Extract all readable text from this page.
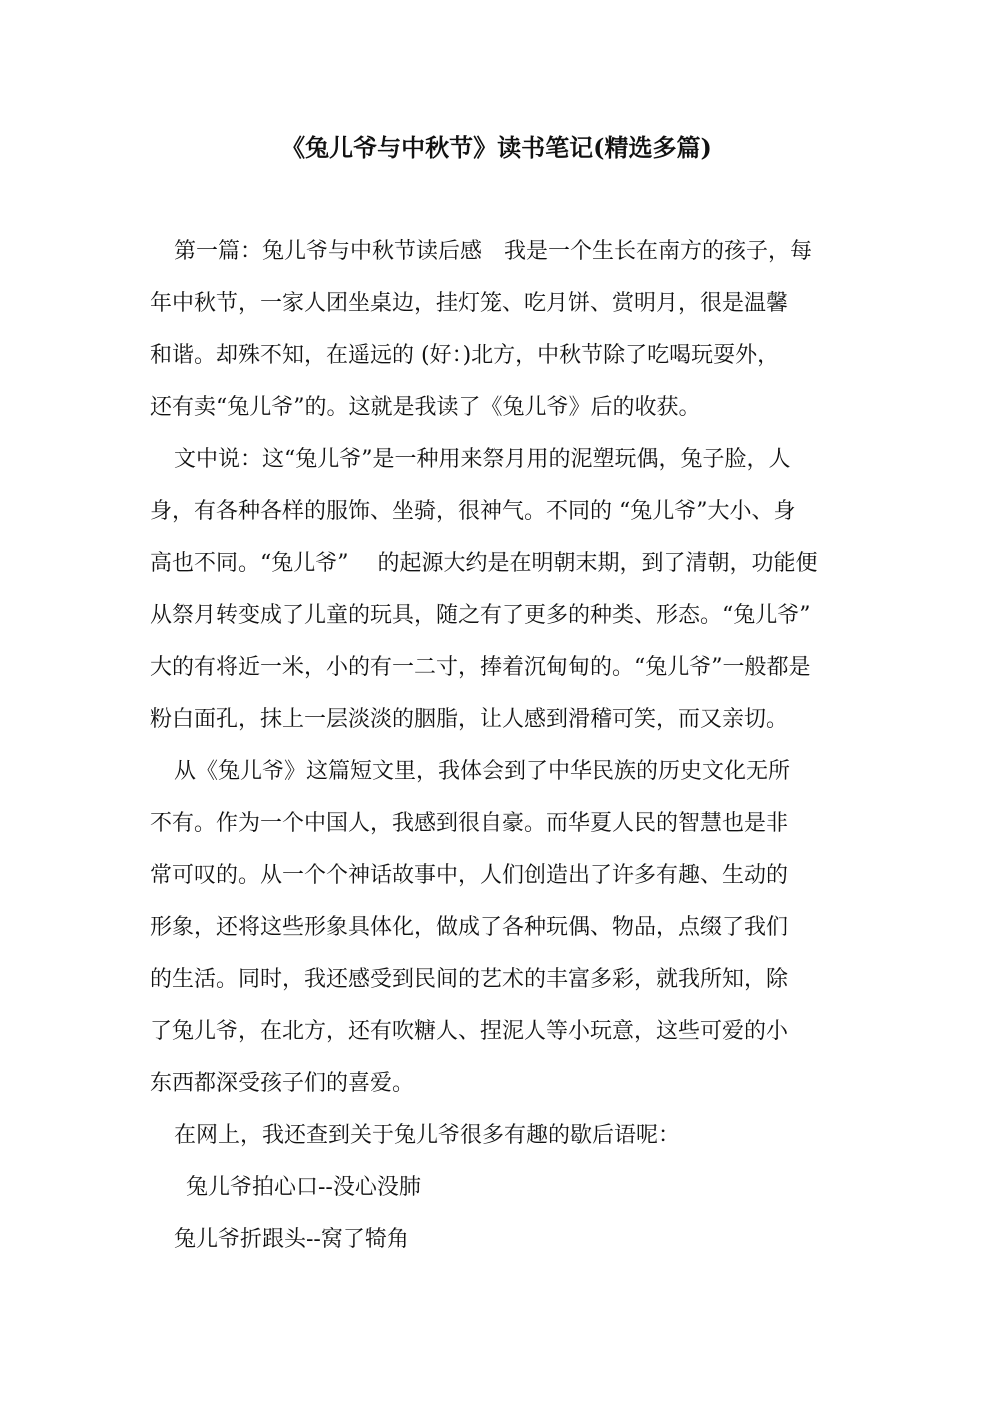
《兔儿爷与中秋节》读书笔记(精选多篇)
第一篇：兔儿爷与中秋节读后感　我是一个生长在南方的孩子，每
年中秋节，一家人团坐桌边，挂灯笼、吃月饼、赏明月，很是温馨
和谐。却殊不知，在遥远的 (好：)北方，中秋节除了吃喝玩耍外，
还有卖“兔儿爷”的。这就是我读了《兔儿爷》后的收获。
文中说：这“兔儿爷”是一种用来祭月用的泥塑玩偶，兔子脸，人
身，有各种各样的服饰、坐骑，很神气。不同的 “兔儿爷”大小、身
高也不同。“兔儿爷”　 的起源大约是在明朝末期，到了清朝，功能便
从祭月转变成了儿童的玩具，随之有了更多的种类、形态。“兔儿爷”
大的有将近一米，小的有一二寸，捧着沉甸甸的。“兔儿爷”一般都是
粉白面孔，抹上一层淡淡的胭脂，让人感到滑稽可笑，而又亲切。
从《兔儿爷》这篇短文里，我体会到了中华民族的历史文化无所
不有。作为一个中国人，我感到很自豪。而华夏人民的智慧也是非
常可叹的。从一个个神话故事中，人们创造出了许多有趣、生动的
形象，还将这些形象具体化，做成了各种玩偶、物品，点缀了我们
的生活。同时，我还感受到民间的艺术的丰富多彩，就我所知，除
了兔儿爷，在北方，还有吹糖人、捏泥人等小玩意，这些可爱的小
东西都深受孩子们的喜爱。
在网上，我还查到关于兔儿爷很多有趣的歇后语呢：
兔儿爷拍心口--没心没肺
兔儿爷折跟头--窝了犄角
